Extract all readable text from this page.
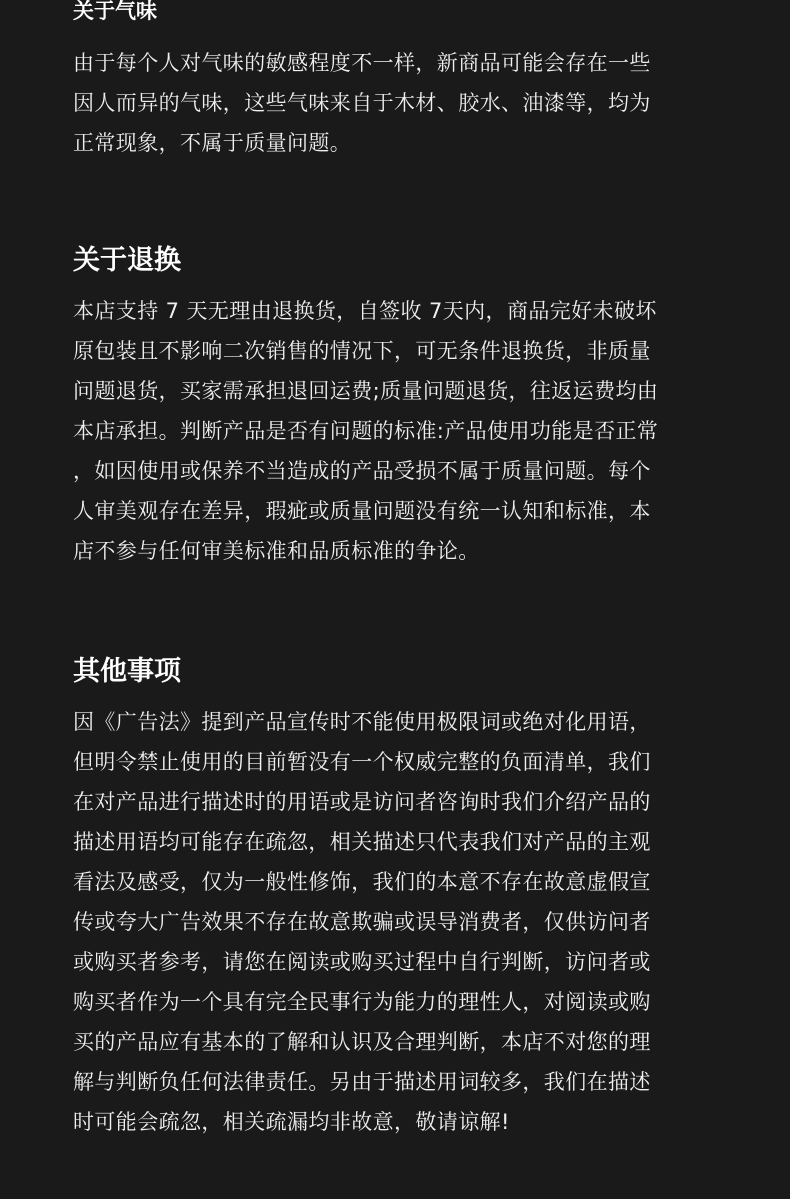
关于气味
由于每个人对气味的敏感程度不一样，新商品可能会存在一些
因人而异的气味，这些气味来自于木材、胶水、油漆等，均为
正常现象，不属于质量问题。
关于退换
本店支持 7 天无理由退换货，自签收 7天内，商品完好未破坏
原包装且不影响二次销售的情况下，可无条件退换货，非质量
问题退货，买家需承担退回运费;质量问题退货，往返运费均由
本店承担。判断产品是否有问题的标准:产品使用功能是否正常
，如因使用或保养不当造成的产品受损不属于质量问题。每个
人审美观存在差异，瑕疵或质量问题没有统一认知和标准，本
店不参与任何审美标准和品质标准的争论。
其他事项
因《广告法》提到产品宣传时不能使用极限词或绝对化用语，
但明令禁止使用的目前暂没有一个权威完整的负面清单，我们
在对产品进行描述时的用语或是访问者咨询时我们介绍产品的
描述用语均可能存在疏忽，相关描述只代表我们对产品的主观
看法及感受，仅为一般性修饰，我们的本意不存在故意虚假宣
传或夸大广告效果不存在故意欺骗或误导消费者，仅供访问者
或购买者参考，请您在阅读或购买过程中自行判断，访问者或
购买者作为一个具有完全民事行为能力的理性人，对阅读或购
买的产品应有基本的了解和认识及合理判断，本店不对您的理
解与判断负任何法律责任。另由于描述用词较多，我们在描述
时可能会疏忽，相关疏漏均非故意，敬请谅解!
